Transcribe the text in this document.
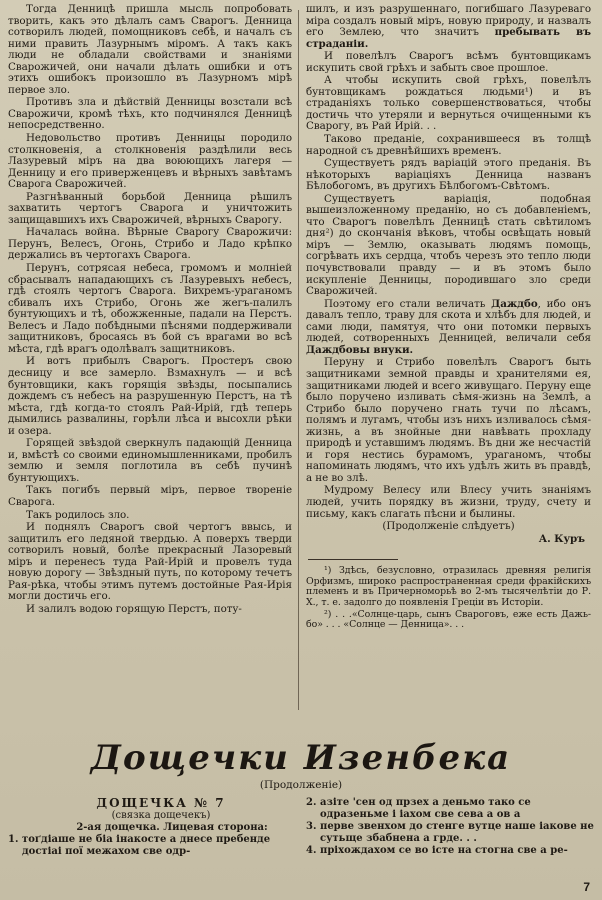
Тогда Денницѣ пришла мысль попробовать творить, какъ это дѣлалъ самъ Сварогъ. Денница сотворилъ людей, помощниковъ себѣ, и началъ съ ними править Лазурнымъ міромъ. А такъ какъ люди не обладали свойствами и знаніями Сварожичей, они начали дѣлать ошибки и отъ этихъ ошибокъ произошло въ Лазурномъ мірѣ первое зло.

Противъ зла и дѣйствій Денницы возстали всѣ Сварожичи, кромѣ тѣхъ, кто подчинялся Денницѣ непосредственно.

Недовольство противъ Денницы породило столкновенія, а столкновенія раздѣлили весь Лазуревый міръ на два воюющихъ лагеря — Денницу и его приверженцевъ и вѣрныхъ завѣтамъ Сварога Сварожичей.

Разгнѣванный борьбой Денница рѣшилъ захватить чертогъ Сварога и уничтожить защищавшихъ ихъ Сварожичей, вѣрныхъ Сварогу.

Началась война. Вѣрные Сварогу Сварожичи: Перунъ, Велесъ, Огонь, Стрибо и Ладо крѣпко держались въ чертогахъ Сварога.

Перунъ, сотрясая небеса, громомъ и молніей сбрасывалъ нападающихъ съ Лазуревыхъ небесъ, гдѣ стоялъ чертогъ Сварога. Вихремъ-ураганомъ сбивалъ ихъ Стрибо, Огонь же жегъ-палилъ бунтующихъ и тѣ, обожженные, падали на Перстъ. Велесъ и Ладо побѣдными пѣснями поддерживали защитниковъ, бросаясь въ бой съ врагами во всѣ мѣста, гдѣ врагъ одолѣвалъ защитниковъ.

И вотъ прибылъ Сварогъ. Простеръ свою десницу и все замерло. Взмахнулъ — и всѣ бунтовщики, какъ горящія звѣзды, посыпались дождемъ съ небесъ на разрушенную Перстъ, на тѣ мѣста, гдѣ когда-то стоялъ Рай-Ирій, гдѣ теперь дымились развалины, горѣли лѣса и высохли рѣки и озера.

Горящей звѣздой сверкнулъ падающій Денница и, вмѣстѣ со своими единомышленниками, пробилъ землю и земля поглотила въ себѣ пучинѣ бунтующихъ.

Такъ погибъ первый міръ, первое твореніе Сварога.

Такъ родилось зло.

И поднялъ Сварогъ свой чертогъ ввысь, и защитилъ его ледяной твердью. А поверхъ тверди сотворилъ новый, болѣе прекрасный Лазоревый міръ и перенесъ туда Рай-Ирій и провелъ туда новую дорогу — Звѣздный путь, по которому течетъ Рая-рѣка, чтобы этимъ путемъ достойные Рая-Ирія могли достичь его.

И залилъ водою горящую Перстъ, поту-

шилъ, и изъ разрушеннаго, погибшаго Лазуреваго міра создалъ новый міръ, новую природу, и назвалъ его Землею, что значитъ пребывать въ страданіи.

И повелѣлъ Сварогъ всѣмъ бунтовщикамъ искупить свой грѣхъ и забыть свое прошлое.

А чтобы искупить свой грѣхъ, повелѣлъ бунтовщикамъ рождаться людьми¹) и въ страданіяхъ только совершенствоваться, чтобы достичь что утеряли и вернуться очищенными къ Сварогу, въ Рай Ирій. . .

Таково преданіе, сохранившееся въ толщѣ народной съ древнѣйшихъ временъ.

Существуетъ рядъ варіацій этого преданія. Въ нѣкоторыхъ варіаціяхъ Денница названъ Бѣлобогомъ, въ другихъ Бѣлбогомъ-Свѣтомъ.

Существуетъ варіація, подобная вышеизложенному преданію, но съ добавленіемъ, что Сварогъ повелѣлъ Денницѣ стать свѣтиломъ дня²) до скончанія вѣковъ, чтобы освѣщать новый міръ — Землю, оказывать людямъ помощь, согрѣвать ихъ сердца, чтобъ черезъ это тепло люди почувствовали правду — и въ этомъ было искупленіе Денницы, породившаго зло среди Сварожичей.

Поэтому его стали величать Даждбо, ибо онъ давалъ тепло, траву для скота и хлѣбъ для людей, и сами люди, памятуя, что они потомки первыхъ людей, сотворенныхъ Денницей, величали себя Даждбовы внуки.

Перуну и Стрибо повелѣлъ Сварогъ быть защитниками земной правды и хранителями ея, защитниками людей и всего живущаго. Перуну еще было поручено изливать сѣмя-жизнь на Землѣ, а Стрибо было поручено гнать тучи по лѣсамъ, полямъ и лугамъ, чтобы изъ нихъ изливалось сѣмя-жизнь, а въ знойные дни навѣвать прохладу природѣ и уставшимъ людямъ. Въ дни же несчастій и горя нестись бурамомъ, ураганомъ, чтобы напоминать людямъ, что ихъ удѣлъ жить въ правдѣ, а не во злѣ.

Мудрому Велесу или Влесу учить знаніямъ людей, учить порядку въ жизни, труду, счету и письму, какъ слагать пѣсни и былины.

(Продолженіе слѣдуетъ)

А. Куръ

¹) Здѣсь, безусловно, отразилась древняя религія Орфизмъ, широко распространенная среди фракійскихъ племенъ и въ Причерноморьѣ во 2-мъ тысячелѣтіи до Р. Х., т. е. задолго до появленія Грецiи въ Исторіи.

²) . . .«Солнце-царь, сынъ Свароговъ, еже есть Дажь-бо» . . . «Солнце — Денница». . .

Дощечки Изенбека
(Продолженіе)
ДОЩЕЧКА № 7
(связка дощечекъ)
2-ая дощечка. Лицевая сторона:
1. тоґдіаше не біа інакосте а днесе пребенде
достіаі пої межахом све одр-
2. азіте 'сен од прзех а деньмо тако се одразеньме і іахом све сева а ов а
3. перве звенхом до стенге вутце наше іакове не сутьще збабнена а грде. . .
4. пріхождахом се во істе на стогна све а ре-
7
